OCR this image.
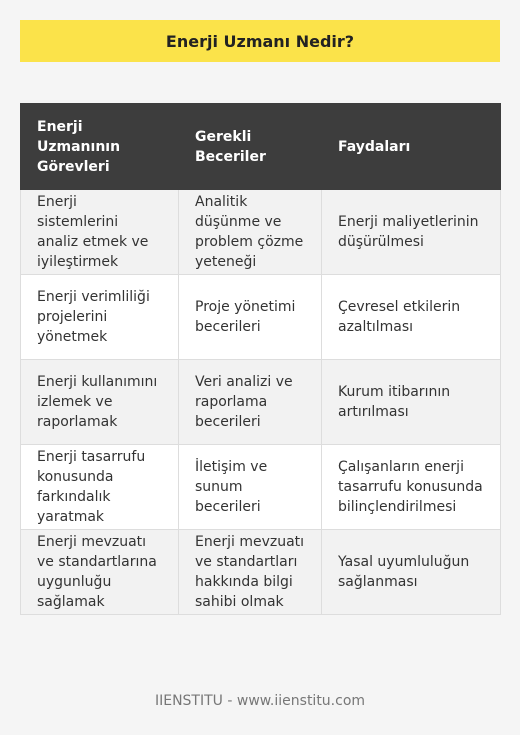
Enerji Uzmanı Nedir?
Enerji Uzmanının Görevleri	Gerekli Beceriler	Faydaları
Enerji sistemlerini analiz etmek ve iyileştirmek	Analitik düşünme ve problem çözme yeteneği	Enerji maliyetlerinin düşürülmesi
Enerji verimliliği projelerini yönetmek	Proje yönetimi becerileri	Çevresel etkilerin azaltılması
Enerji kullanımını izlemek ve raporlamak	Veri analizi ve raporlama becerileri	Kurum itibarının artırılması
Enerji tasarrufu konusunda farkındalık yaratmak	İletişim ve sunum becerileri	Çalışanların enerji tasarrufu konusunda bilinçlendirilmesi
Enerji mevzuatı ve standartlarına uygunluğu sağlamak	Enerji mevzuatı ve standartları hakkında bilgi sahibi olmak	Yasal uyumluluğun sağlanması
IIENSTITU - www.iienstitu.com
